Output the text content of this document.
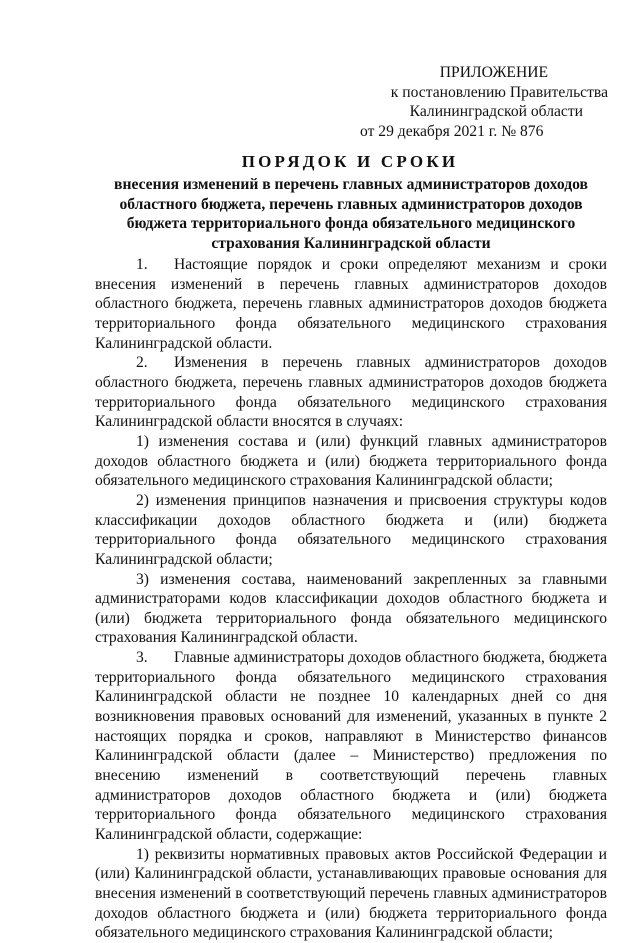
ПРИЛОЖЕНИЕ
к постановлению Правительства
Калининградской области
от 29 декабря 2021 г. № 876
ПОРЯДОК И СРОКИ
внесения изменений в перечень главных администраторов доходов областного бюджета, перечень главных администраторов доходов бюджета территориального фонда обязательного медицинского страхования Калининградской области

1. Настоящие порядок и сроки определяют механизм и сроки внесения изменений в перечень главных администраторов доходов областного бюджета, перечень главных администраторов доходов бюджета территориального фонда обязательного медицинского страхования Калининградской области.

2. Изменения в перечень главных администраторов доходов областного бюджета, перечень главных администраторов доходов бюджета территориального фонда обязательного медицинского страхования Калининградской области вносятся в случаях:

1) изменения состава и (или) функций главных администраторов доходов областного бюджета и (или) бюджета территориального фонда обязательного медицинского страхования Калининградской области;

2) изменения принципов назначения и присвоения структуры кодов классификации доходов областного бюджета и (или) бюджета территориального фонда обязательного медицинского страхования Калининградской области;

3) изменения состава, наименований закрепленных за главными администраторами кодов классификации доходов областного бюджета и (или) бюджета территориального фонда обязательного медицинского страхования Калининградской области.

3. Главные администраторы доходов областного бюджета, бюджета территориального фонда обязательного медицинского страхования Калининградской области не позднее 10 календарных дней со дня возникновения правовых оснований для изменений, указанных в пункте 2 настоящих порядка и сроков, направляют в Министерство финансов Калининградской области (далее – Министерство) предложения по внесению изменений в соответствующий перечень главных администраторов доходов областного бюджета и (или) бюджета территориального фонда обязательного медицинского страхования Калининградской области, содержащие:

1) реквизиты нормативных правовых актов Российской Федерации и (или) Калининградской области, устанавливающих правовые основания для внесения изменений в соответствующий перечень главных администраторов доходов областного бюджета и (или) бюджета территориального фонда обязательного медицинского страхования Калининградской области;
